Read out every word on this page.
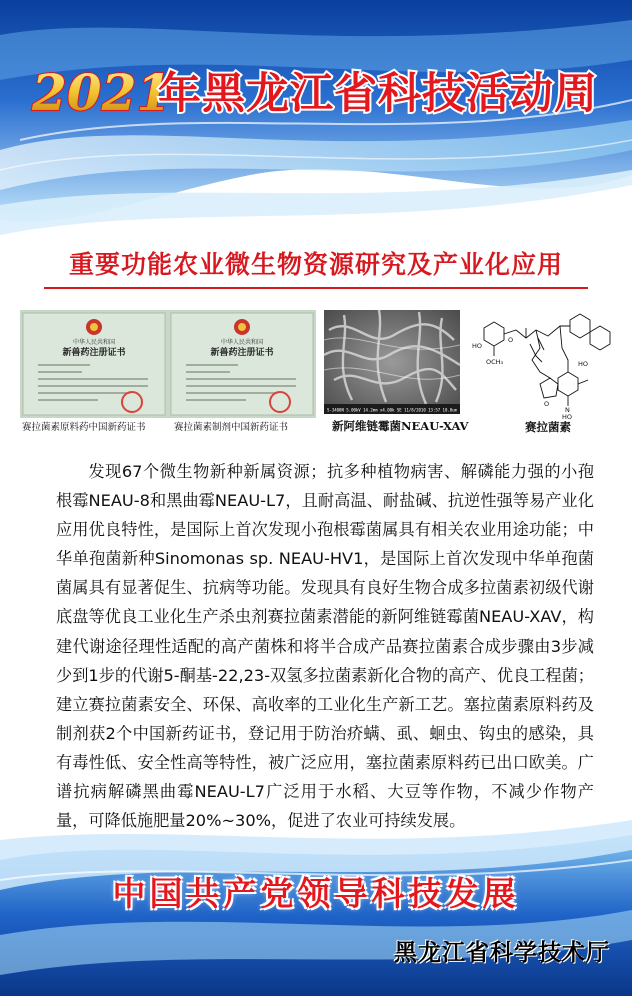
2021
年黑龙江省科技活动周
重要功能农业微生物资源研究及产业化应用
中华人民共和国
新兽药注册证书
赛拉菌素原料药中国新药证书
中华人民共和国
新兽药注册证书
赛拉菌素制剂中国新药证书
S-3400N 5.00kV 14.2mm x4.00k SE 11/8/2010 13:57 10.0um
新阿维链霉菌NEAU-XAV
HO
O
OCH₃	HO
O
N
HO
赛拉菌素

发现67个微生物新种新属资源；抗多种植物病害、解磷能力强的小孢根霉NEAU-8和黑曲霉NEAU-L7，且耐高温、耐盐碱、抗逆性强等易产业化应用优良特性，是国际上首次发现小孢根霉菌属具有相关农业用途功能；中华单孢菌新种Sinomonas sp. NEAU-HV1，是国际上首次发现中华单孢菌菌属具有显著促生、抗病等功能。发现具有良好生物合成多拉菌素初级代谢底盘等优良工业化生产杀虫剂赛拉菌素潜能的新阿维链霉菌NEAU-XAV，构建代谢途径理性适配的高产菌株和将半合成产品赛拉菌素合成步骤由3步减少到1步的代谢5-酮基-22,23-双氢多拉菌素新化合物的高产、优良工程菌；建立赛拉菌素安全、环保、高收率的工业化生产新工艺。塞拉菌素原料药及制剂获2个中国新药证书，登记用于防治疥螨、虱、蛔虫、钩虫的感染，具有毒性低、安全性高等特性，被广泛应用，塞拉菌素原料药已出口欧美。广谱抗病解磷黑曲霉NEAU-L7广泛用于水稻、大豆等作物，不减少作物产量，可降低施肥量20%~30%，促进了农业可持续发展。

中国共产党领导科技发展
黑龙江省科学技术厅
